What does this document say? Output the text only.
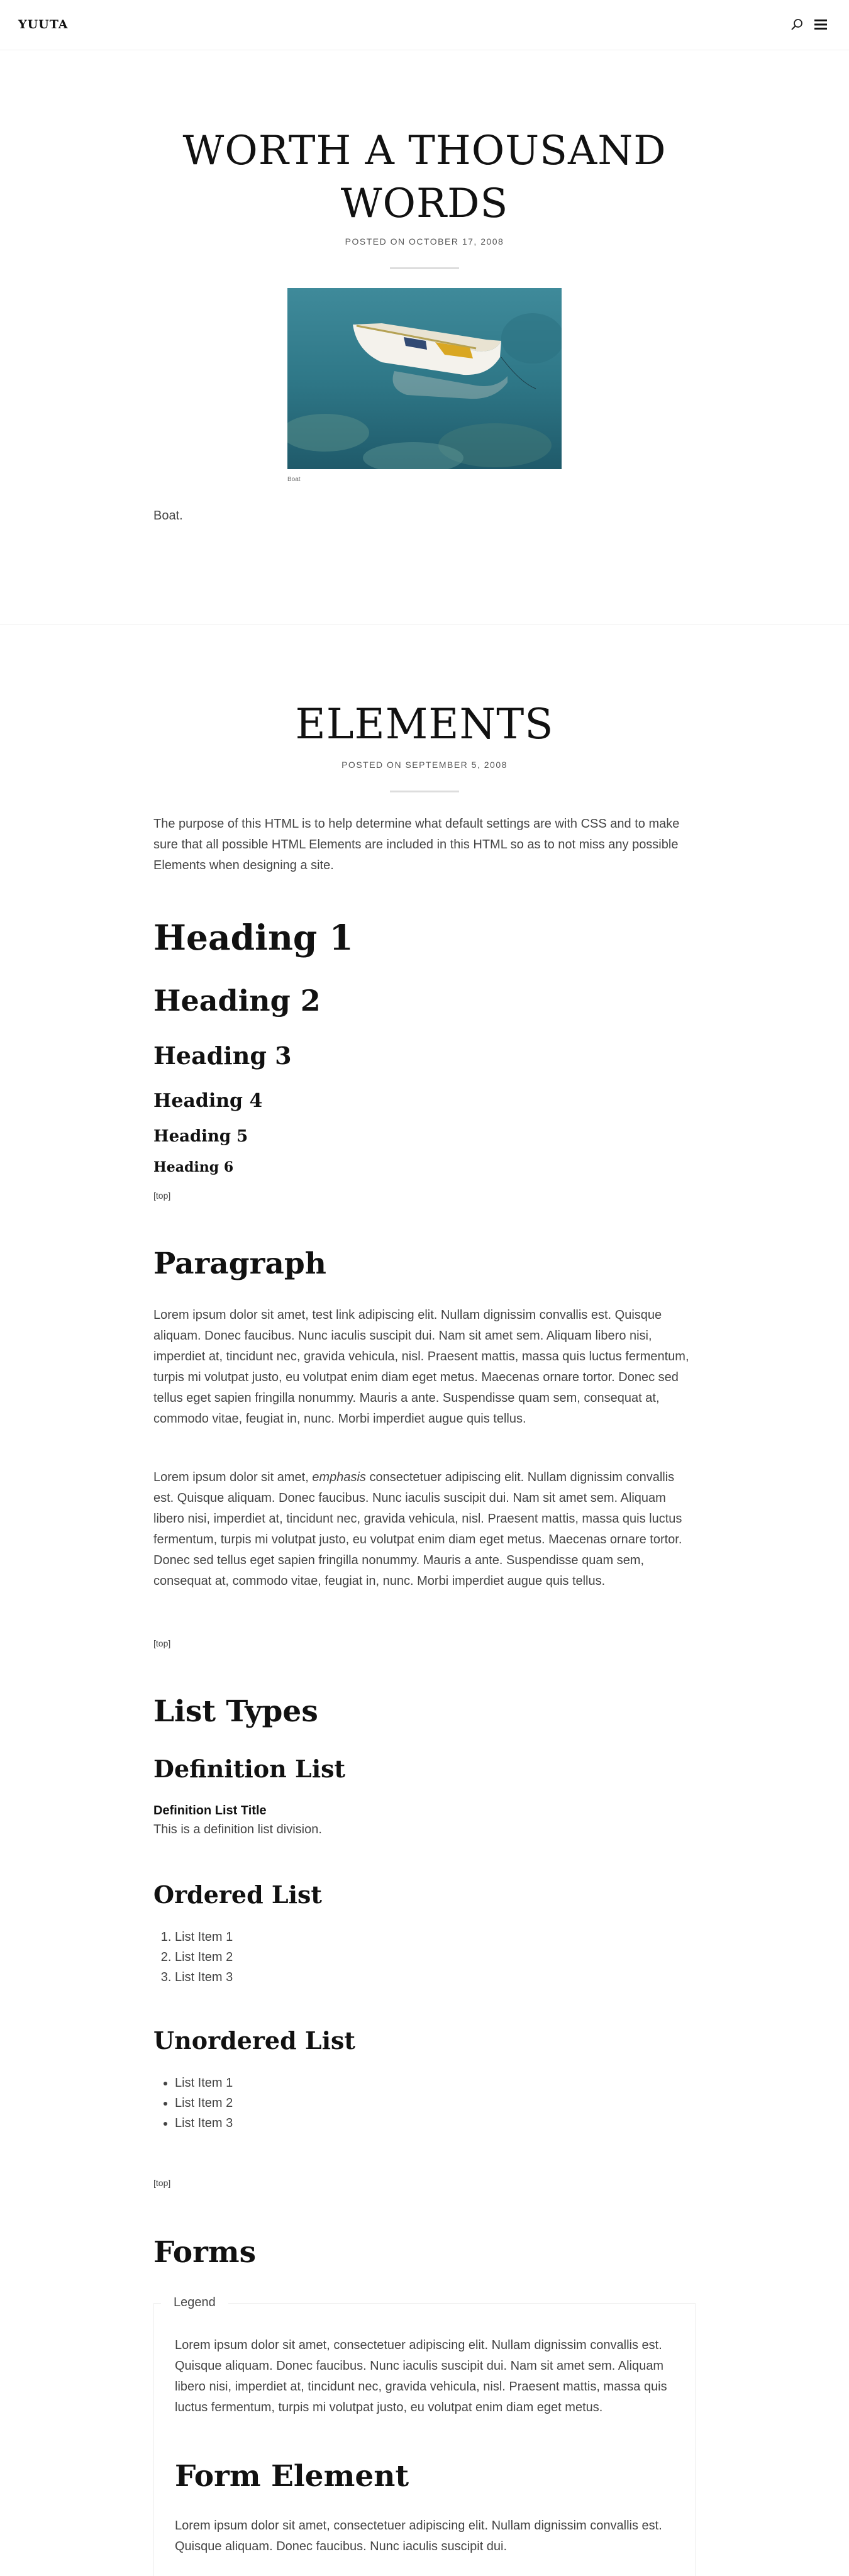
YUUTA
WORTH A THOUSAND
WORDS
POSTED ON OCTOBER 17, 2008
Boat
Boat.
ELEMENTS
POSTED ON SEPTEMBER 5, 2008
The purpose of this HTML is to help determine what default settings are with CSS and to make sure that all possible HTML Elements are included in this HTML so as to not miss any possible Elements when designing a site.
Heading 1
Heading 2
Heading 3
Heading 4
Heading 5
Heading 6
[top]
Paragraph
Lorem ipsum dolor sit amet, test link adipiscing elit. Nullam dignissim convallis est. Quisque aliquam. Donec faucibus. Nunc iaculis suscipit dui. Nam sit amet sem. Aliquam libero nisi, imperdiet at, tincidunt nec, gravida vehicula, nisl. Praesent mattis, massa quis luctus fermentum, turpis mi volutpat justo, eu volutpat enim diam eget metus. Maecenas ornare tortor. Donec sed tellus eget sapien fringilla nonummy. Mauris a ante. Suspendisse quam sem, consequat at, commodo vitae, feugiat in, nunc. Morbi imperdiet augue quis tellus.
Lorem ipsum dolor sit amet, emphasis consectetuer adipiscing elit. Nullam dignissim convallis est. Quisque aliquam. Donec faucibus. Nunc iaculis suscipit dui. Nam sit amet sem. Aliquam libero nisi, imperdiet at, tincidunt nec, gravida vehicula, nisl. Praesent mattis, massa quis luctus fermentum, turpis mi volutpat justo, eu volutpat enim diam eget metus. Maecenas ornare tortor. Donec sed tellus eget sapien fringilla nonummy. Mauris a ante. Suspendisse quam sem, consequat at, commodo vitae, feugiat in, nunc. Morbi imperdiet augue quis tellus.
[top]
List Types
Definition List
Definition List Title
This is a definition list division.
Ordered List
1. List Item 1
2. List Item 2
3. List Item 3
Unordered List
• List Item 1
• List Item 2
• List Item 3
[top]
Forms
Legend
Lorem ipsum dolor sit amet, consectetuer adipiscing elit. Nullam dignissim convallis est. Quisque aliquam. Donec faucibus. Nunc iaculis suscipit dui. Nam sit amet sem. Aliquam libero nisi, imperdiet at, tincidunt nec, gravida vehicula, nisl. Praesent mattis, massa quis luctus fermentum, turpis mi volutpat justo, eu volutpat enim diam eget metus.
Form Element
Lorem ipsum dolor sit amet, consectetuer adipiscing elit. Nullam dignissim convallis est. Quisque aliquam. Donec faucibus. Nunc iaculis suscipit dui.
